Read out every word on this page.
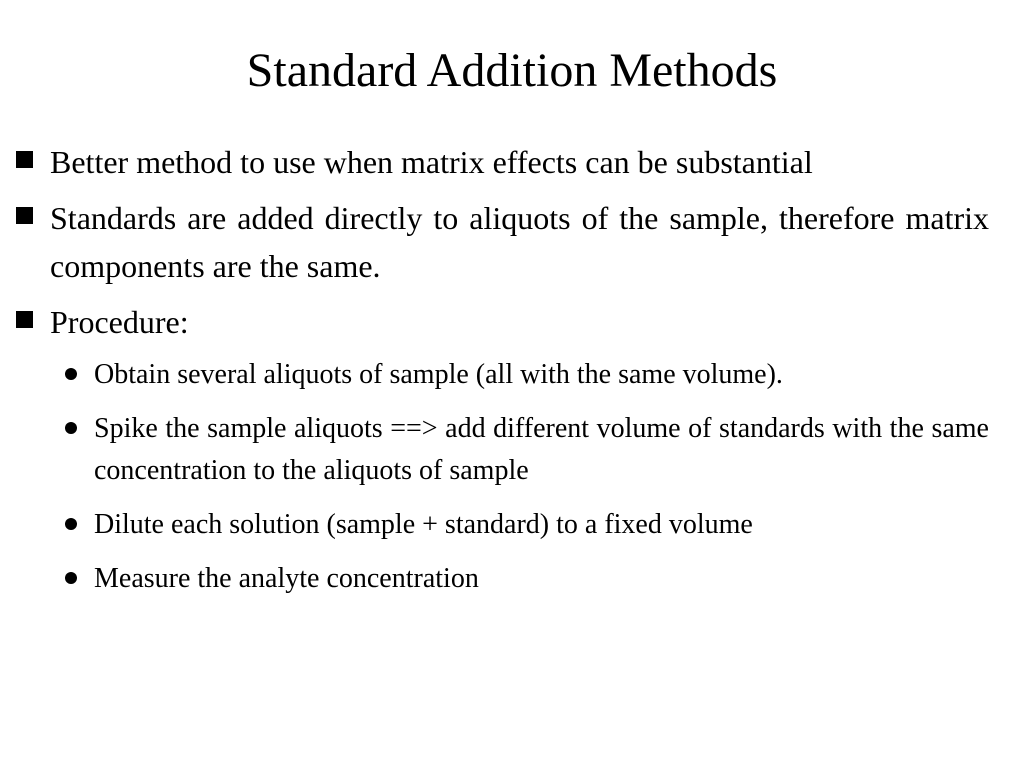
Standard Addition Methods
Better method to use when matrix effects can be substantial
Standards are added directly to aliquots of the sample, therefore matrix components are the same.
Procedure:
Obtain several aliquots of sample (all with the same volume).
Spike the sample aliquots ==> add different volume of standards with the same concentration to the aliquots of sample
Dilute each solution (sample + standard) to a fixed volume
Measure the analyte concentration
